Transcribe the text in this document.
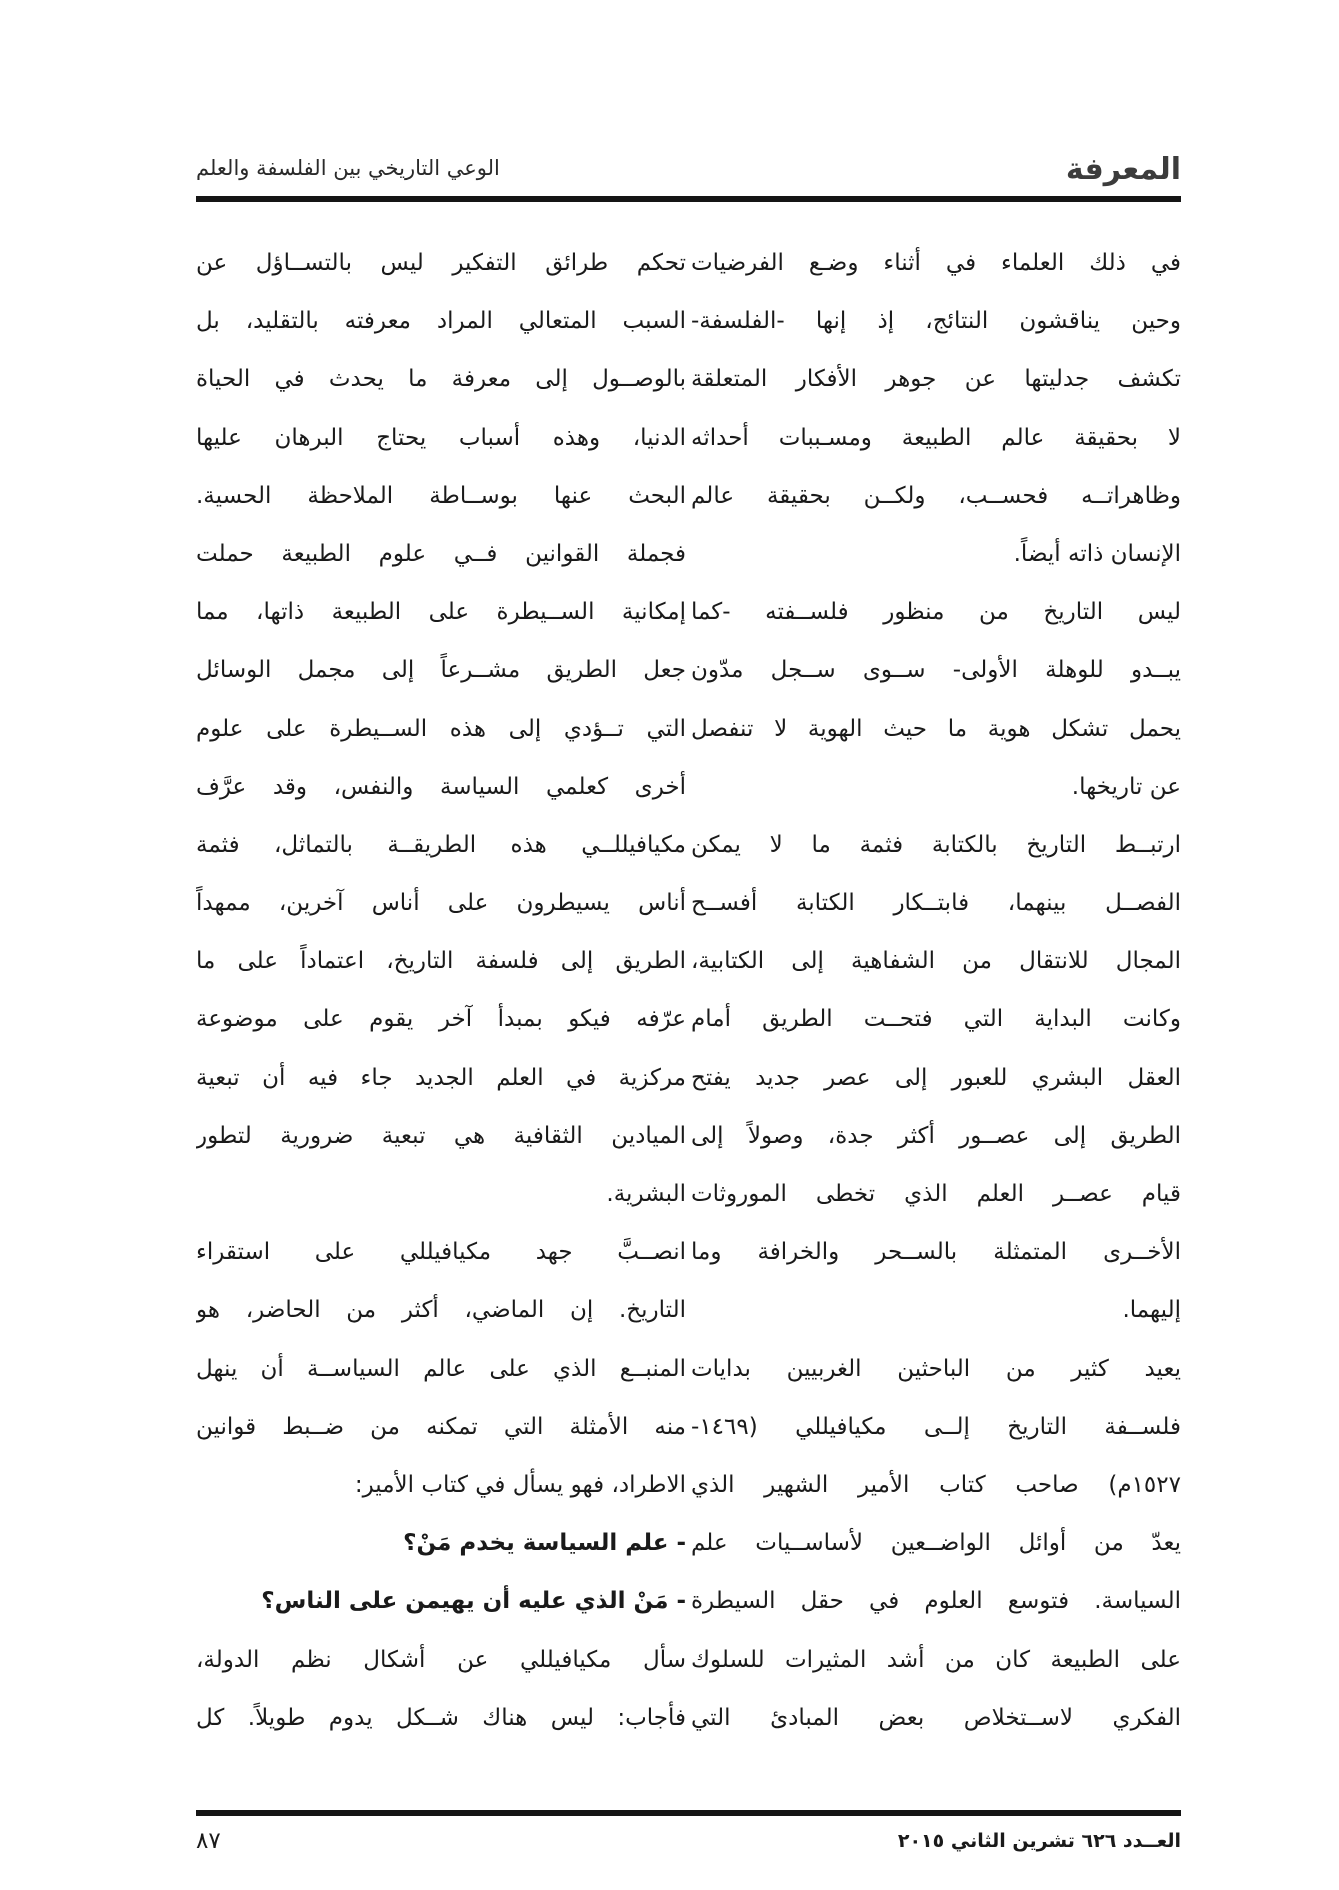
المعرفة
الوعي التاريخي بين الفلسفة والعلم
في ذلك العلماء في أثناء وضـع الفرضيات
وحين يناقشون النتائج، إذ إنها -الفلسفة-
تكشف جدليتها عن جوهر الأفكار المتعلقة
لا بحقيقة عالم الطبيعة ومسـببات أحداثه
وظاهراتــه فحســب، ولكــن بحقيقة عالم
الإنسان ذاته أيضاً.
ليس التاريخ من منظور فلســفته -كما
يبــدو للوهلة الأولى- ســوى ســجل مدّون
يحمل تشكل هوية ما حيث الهوية لا تنفصل
عن تاريخها.
ارتبــط التاريخ بالكتابة فثمة ما لا يمكن
الفصــل بينهما، فابتــكار الكتابة أفســح
المجال للانتقال من الشفاهية إلى الكتابية،
وكانت البداية التي فتحــت الطريق أمام
العقل البشري للعبور إلى عصر جديد يفتح
الطريق إلى عصــور أكثر جدة، وصولاً إلى
قيام عصــر العلم الذي تخطى الموروثات
الأخــرى المتمثلة بالســحر والخرافة وما
إليهما.
يعيد كثير من الباحثين الغربيين بدايات
فلســفة التاريخ إلــى مكيافيللي (١٤٦٩-
١٥٢٧م) صاحب كتاب الأمير الشهير الذي
يعدّ من أوائل الواضــعين لأساســيات علم
السياسة. فتوسع العلوم في حقل السيطرة
على الطبيعة كان من أشد المثيرات للسلوك
الفكري لاســتخلاص بعض المبادئ التي
تحكم طرائق التفكير ليس بالتســاؤل عن
السبب المتعالي المراد معرفته بالتقليد، بل
بالوصــول إلى معرفة ما يحدث في الحياة
الدنيا، وهذه أسباب يحتاج البرهان عليها
البحث عنها بوســاطة الملاحظة الحسية.
فجملة القوانين فــي علوم الطبيعة حملت
إمكانية الســيطرة على الطبيعة ذاتها، مما
جعل الطريق مشــرعاً إلى مجمل الوسائل
التي تــؤدي إلى هذه الســيطرة على علوم
أخرى كعلمي السياسة والنفس، وقد عرَّف
مكيافيللــي هذه الطريقــة بالتماثل، فثمة
أناس يسيطرون على أناس آخرين، ممهداً
الطريق إلى فلسفة التاريخ، اعتماداً على ما
عرّفه فيكو بمبدأ آخر يقوم على موضوعة
مركزية في العلم الجديد جاء فيه أن تبعية
الميادين الثقافية هي تبعية ضرورية لتطور
البشرية.
انصــبَّ جهد مكيافيللي على استقراء
التاريخ. إن الماضي، أكثر من الحاضر، هو
المنبــع الذي على عالم السياســة أن ينهل
منه الأمثلة التي تمكنه من ضــبط قوانين
الاطراد، فهو يسأل في كتاب الأمير:
- علم السياسة يخدم مَنْ؟
- مَنْ الذي عليه أن يهيمن على الناس؟
سأل مكيافيللي عن أشكال نظم الدولة،
فأجاب: ليس هناك شــكل يدوم طويلاً. كل
العــدد ٦٢٦ تشرين الثاني ٢٠١٥
٨٧
